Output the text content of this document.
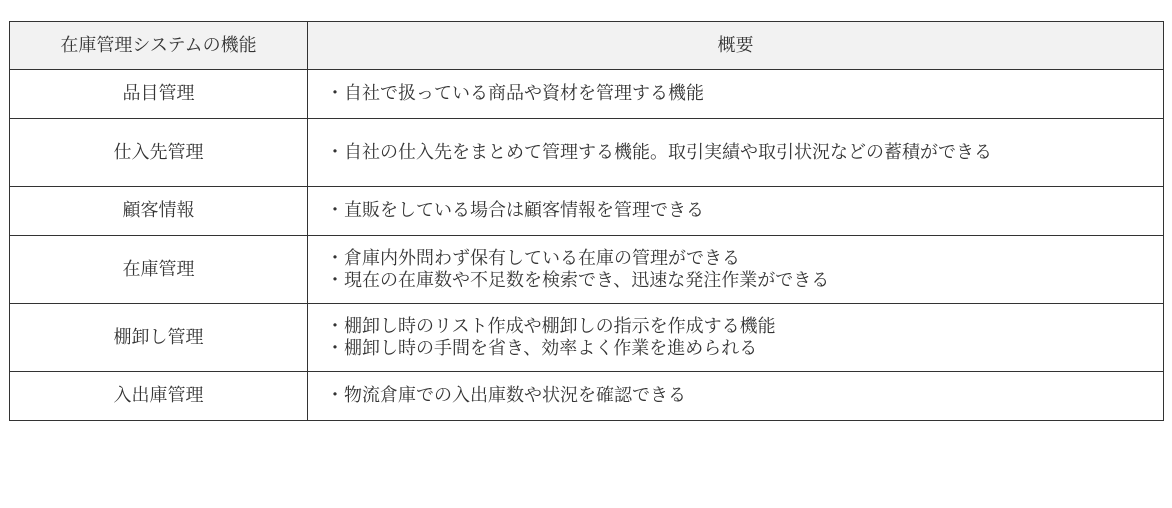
在庫管理システムの機能	概要
品目管理	・自社で扱っている商品や資材を管理する機能

仕入先管理	・自社の仕入先をまとめて管理する機能。取引実績や取引状況などの蓄積ができる

顧客情報	・直販をしている場合は顧客情報を管理できる

在庫管理	・倉庫内外問わず保有している在庫の管理ができる
・現在の在庫数や不足数を検索でき、迅速な発注作業ができる

棚卸し管理	・棚卸し時のリスト作成や棚卸しの指示を作成する機能
・棚卸し時の手間を省き、効率よく作業を進められる

入出庫管理	・物流倉庫での入出庫数や状況を確認できる
